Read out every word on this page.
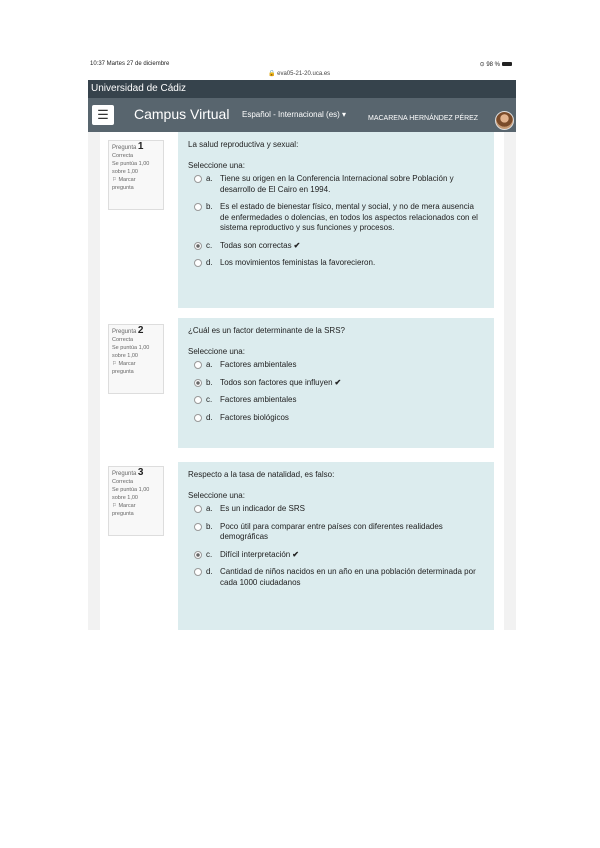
10:37 Martes 27 de diciembre
🔒 eva05-21-20.uca.es
⊙ 98 %
Universidad de Cádiz
☰	Campus Virtual Español - Internacional (es) ▾	MACARENA HERNÁNDEZ PÉREZ
Pregunta 1
Correcta
Se puntúa 1,00
sobre 1,00
⚐ Marcar
pregunta
La salud reproductiva y sexual:
Seleccione una:
a. Tiene su origen en la Conferencia Internacional sobre Población y desarrollo de El Cairo en 1994.
b. Es el estado de bienestar físico, mental y social, y no de mera ausencia de enfermedades o dolencias, en todos los aspectos relacionados con el sistema reproductivo y sus funciones y procesos.
c. Todas son correctas ✔
d. Los movimientos feministas la favorecieron.
Pregunta 2
Correcta
Se puntúa 1,00
sobre 1,00
⚐ Marcar
pregunta
¿Cuál es un factor determinante de la SRS?
Seleccione una:
a. Factores ambientales
b. Todos son factores que influyen ✔
c. Factores ambientales
d. Factores biológicos
Pregunta 3
Correcta
Se puntúa 1,00
sobre 1,00
⚐ Marcar
pregunta
Respecto a la tasa de natalidad, es falso:
Seleccione una:
a. Es un indicador de SRS
b. Poco útil para comparar entre países con diferentes realidades demográficas
c. Difícil interpretación ✔
d. Cantidad de niños nacidos en un año en una población determinada por cada 1000 ciudadanos
